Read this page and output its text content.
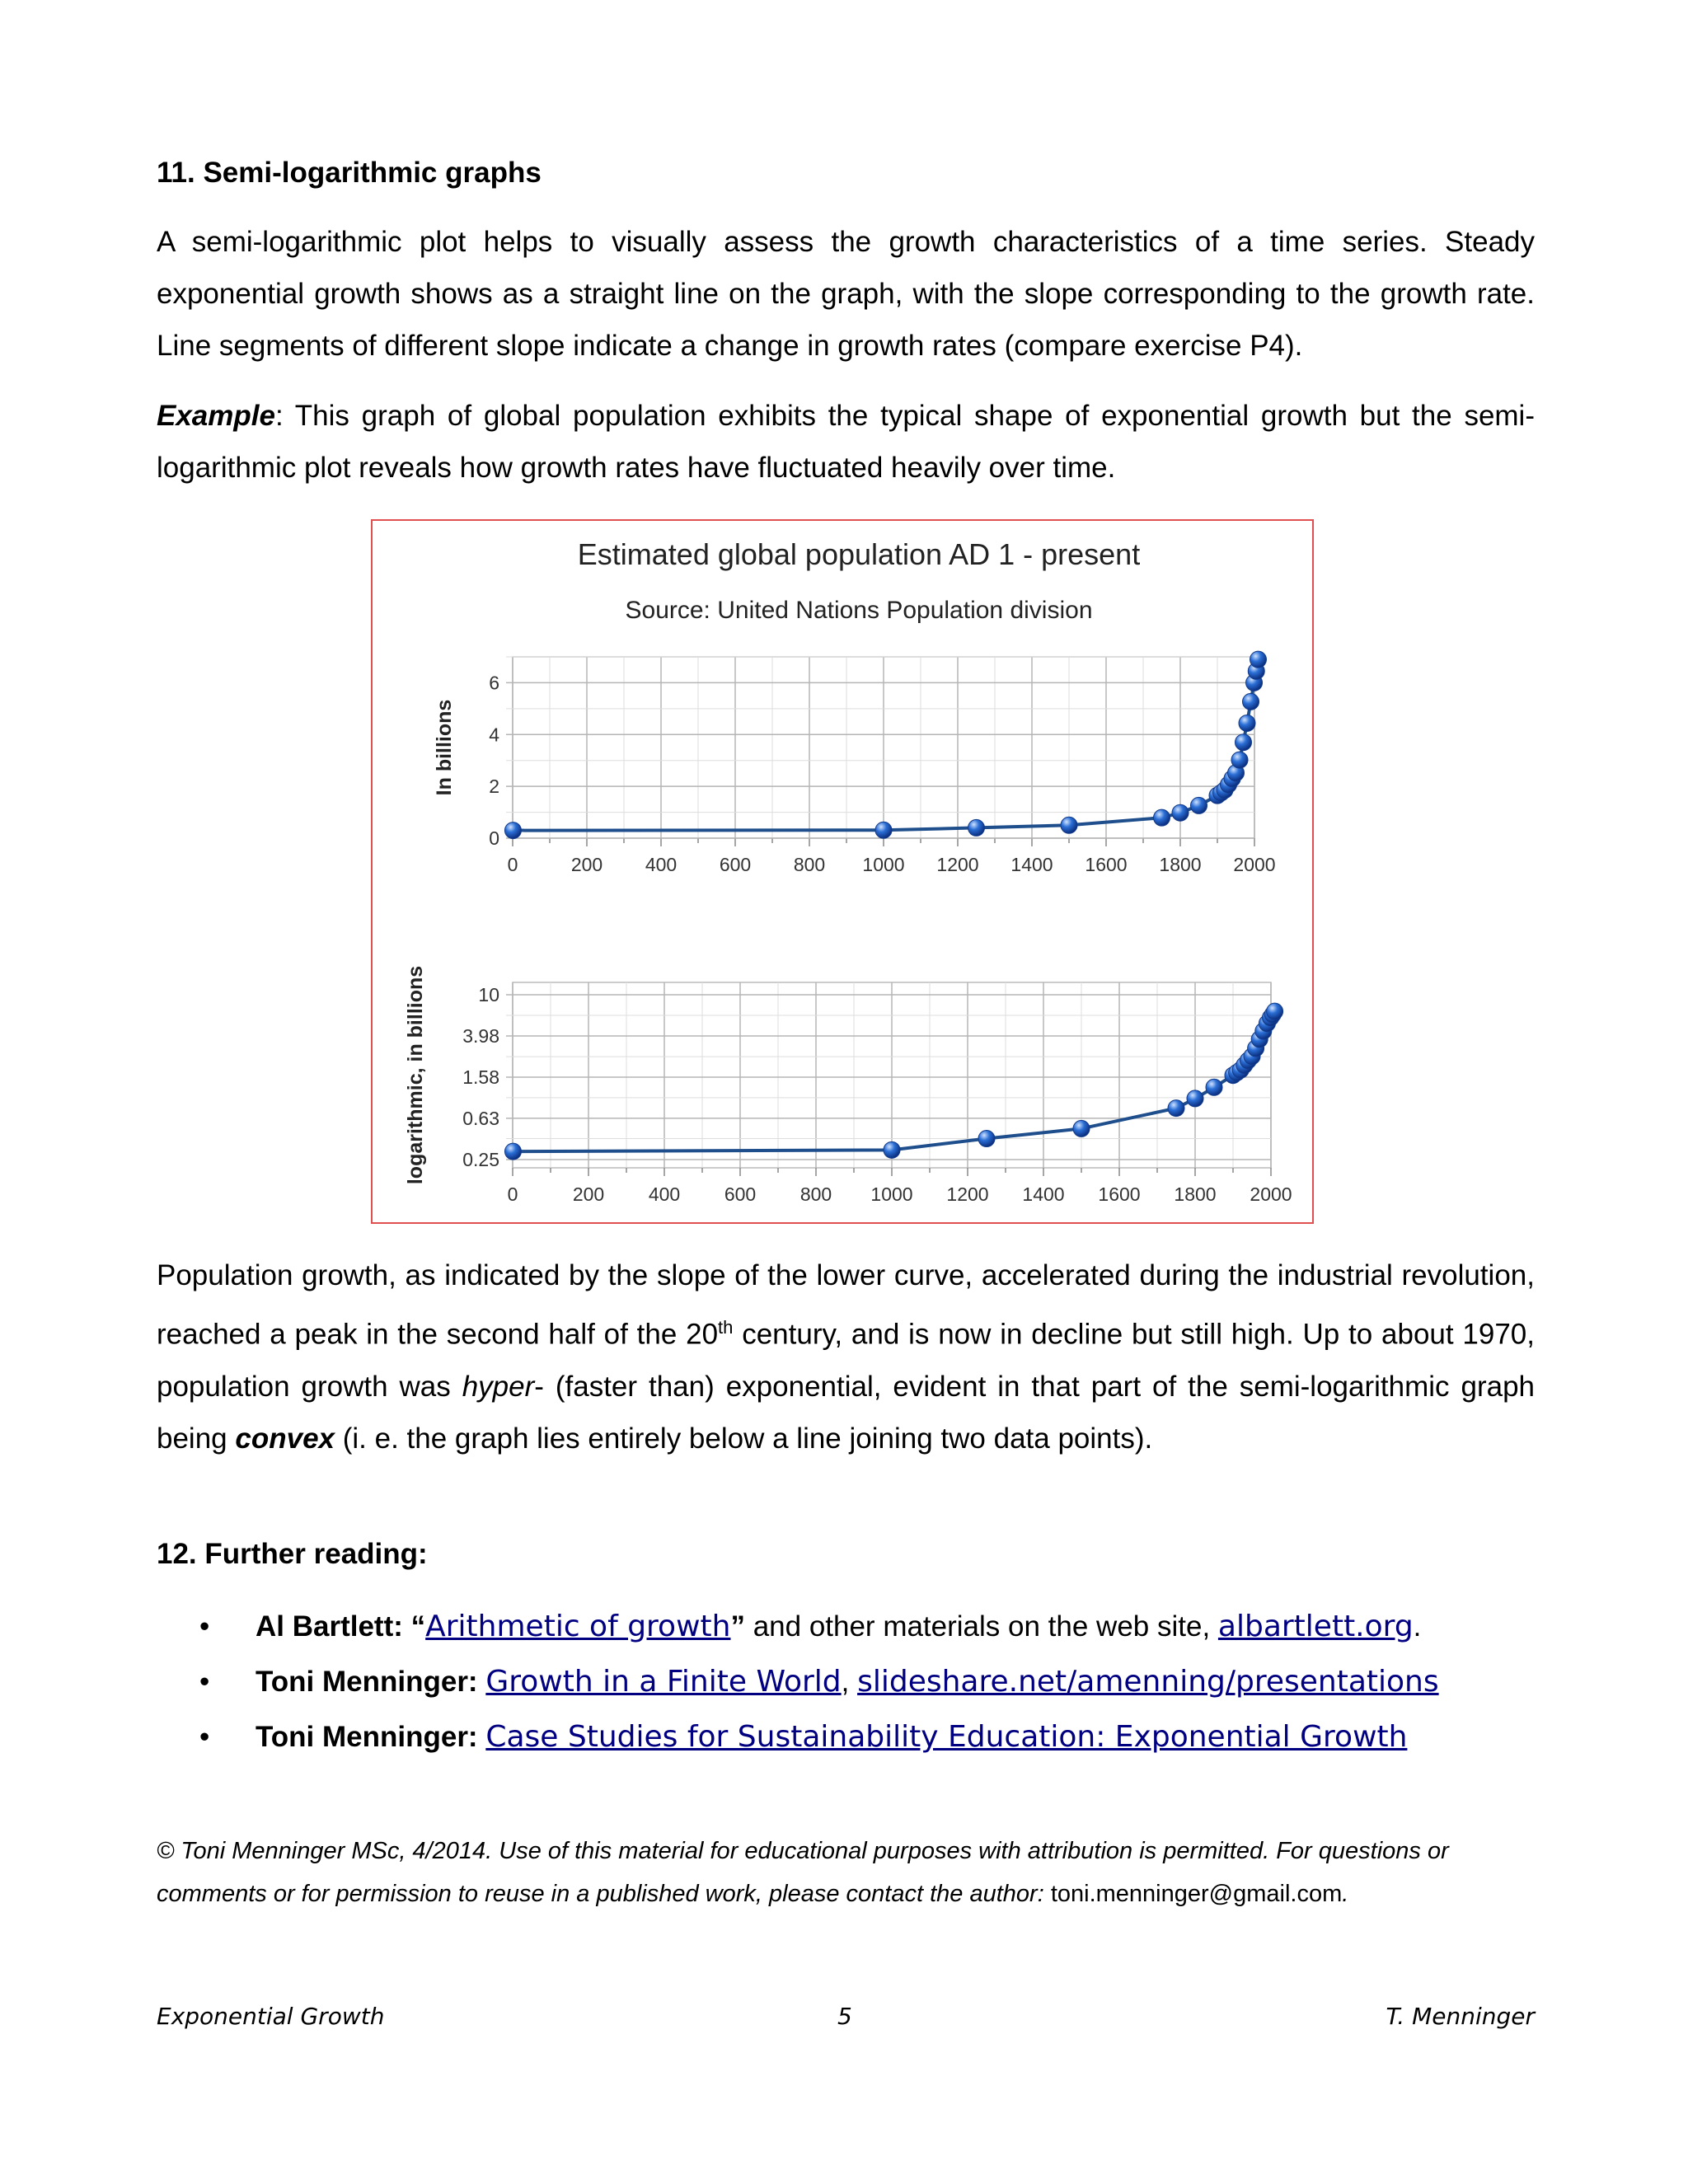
11. Semi-logarithmic graphs

A semi-logarithmic plot helps to visually assess the growth characteristics of a time series. Steady exponential growth shows as a straight line on the graph, with the slope corresponding to the growth rate. Line segments of different slope indicate a change in growth rates (compare exercise P4).

Example: This graph of global population exhibits the typical shape of exponential growth but the semi-logarithmic plot reveals how growth rates have fluctuated heavily over time.

Estimated global population AD 1 - present
Source: United Nations Population division
0	200 400 600 800 1000 1200 1400 1600 1800 2000
0
2
4
6
In billions
0	200 400 600 800 1000 1200 1400 1600 1800 2000
0.25
0.63
1.58
3.98
10
logarithmic, in billions

Population growth, as indicated by the slope of the lower curve, accelerated during the industrial revolution, reached a peak in the second half of the 20th century, and is now in decline but still high. Up to about 1970, population growth was hyper- (faster than) exponential, evident in that part of the semi-logarithmic graph being convex (i. e. the graph lies entirely below a line joining two data points).

12. Further reading:
• Al Bartlett: “Arithmetic of growth” and other materials on the web site, albartlett.org.
• Toni Menninger: Growth in a Finite World, slideshare.net/amenning/presentations
• Toni Menninger: Case Studies for Sustainability Education: Exponential Growth
© Toni Menninger MSc, 4/2014. Use of this material for educational purposes with attribution is permitted. For questions or comments or for permission to reuse in a published work, please contact the author: toni.menninger@gmail.com.
Exponential Growth	5	T. Menninger
